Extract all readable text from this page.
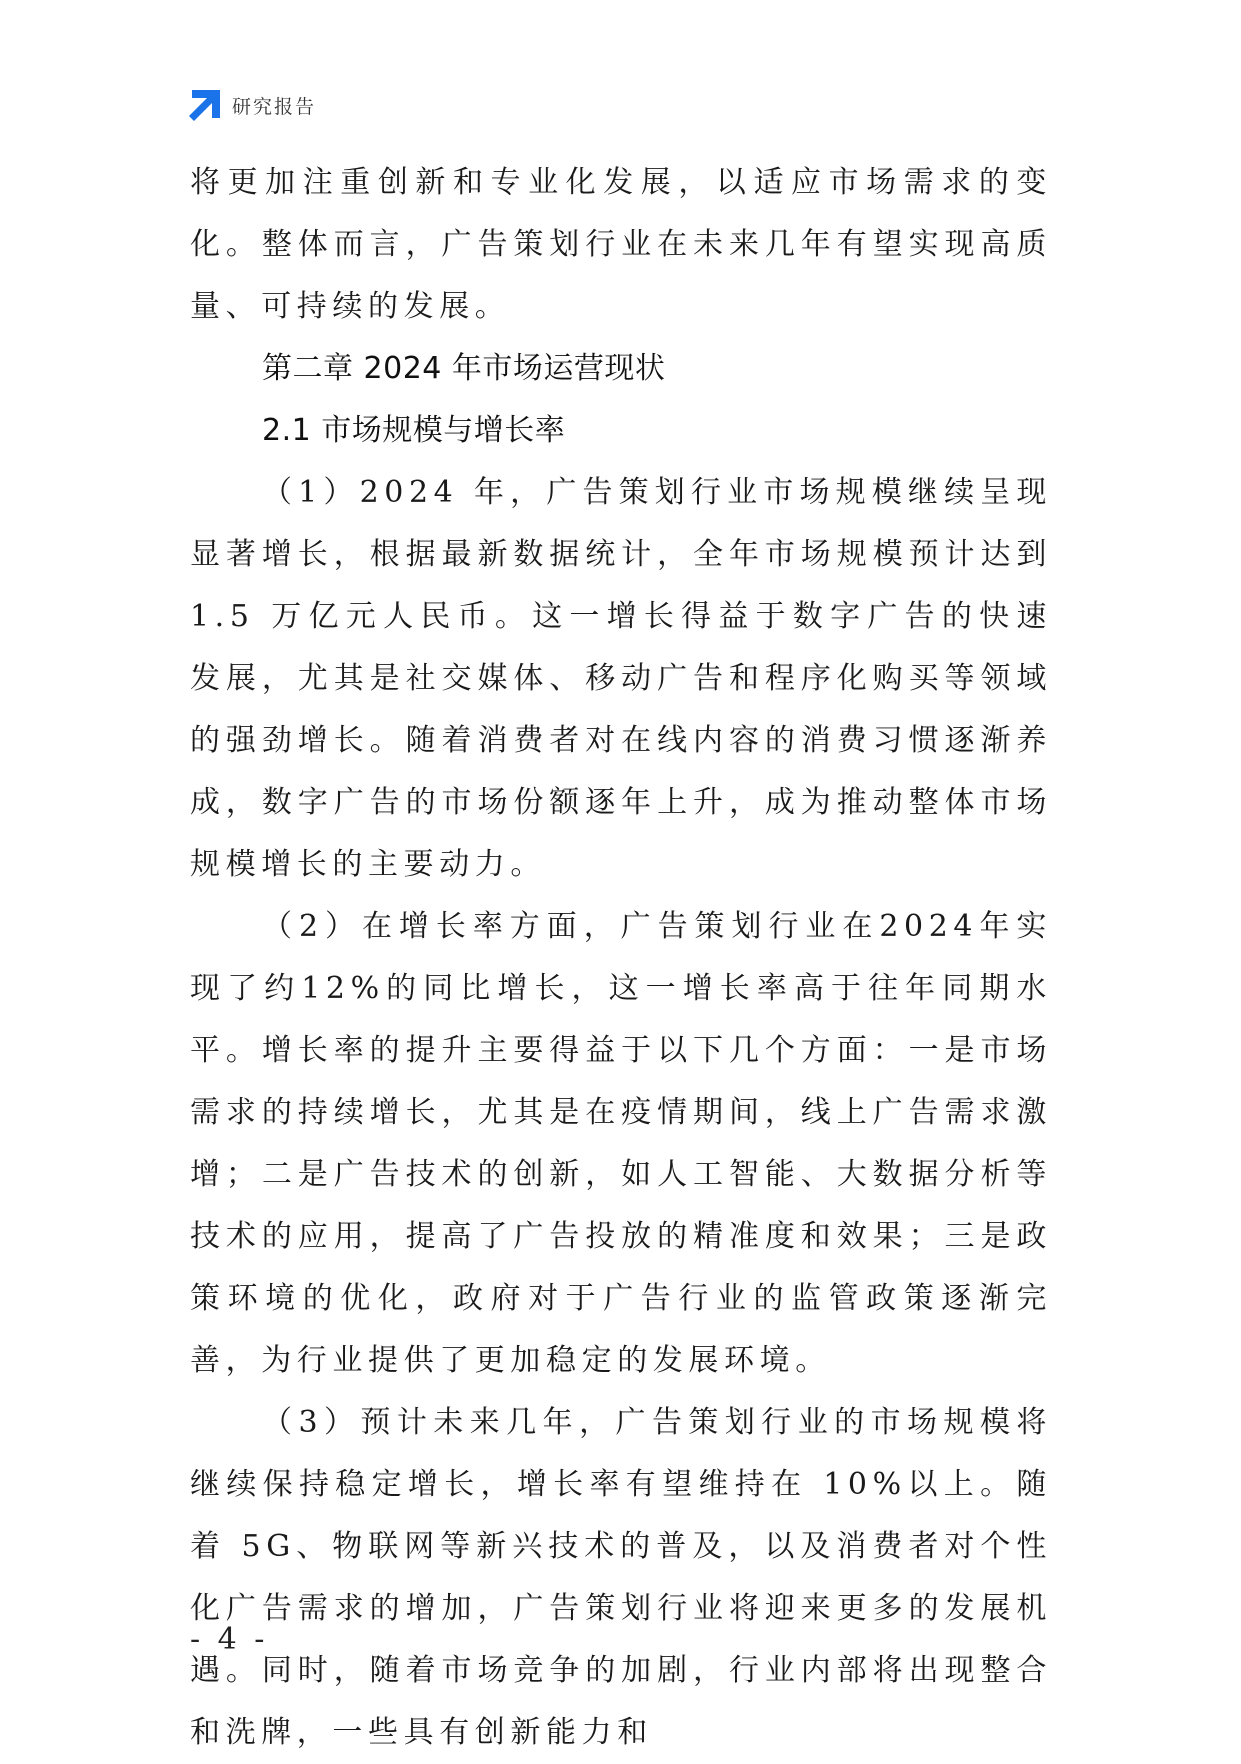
研究报告

将更加注重创新和专业化发展，以适应市场需求的变化。整体而言，广告策划行业在未来几年有望实现高质量、可持续的发展。

第二章 2024 年市场运营现状

2.1 市场规模与增长率

（1）2024 年，广告策划行业市场规模继续呈现显著增长，根据最新数据统计，全年市场规模预计达到 1.5 万亿元人民币。这一增长得益于数字广告的快速发展，尤其是社交媒体、移动广告和程序化购买等领域的强劲增长。随着消费者对在线内容的消费习惯逐渐养成，数字广告的市场份额逐年上升，成为推动整体市场规模增长的主要动力。

（2）在增长率方面，广告策划行业在2024年实现了约12%的同比增长，这一增长率高于往年同期水平。增长率的提升主要得益于以下几个方面：一是市场需求的持续增长，尤其是在疫情期间，线上广告需求激增；二是广告技术的创新，如人工智能、大数据分析等技术的应用，提高了广告投放的精准度和效果；三是政策环境的优化，政府对于广告行业的监管政策逐渐完善，为行业提供了更加稳定的发展环境。

（3）预计未来几年，广告策划行业的市场规模将继续保持稳定增长，增长率有望维持在 10%以上。随着 5G、物联网等新兴技术的普及，以及消费者对个性化广告需求的增加，广告策划行业将迎来更多的发展机遇。同时，随着市场竞争的加剧，行业内部将出现整合和洗牌，一些具有创新能力和

- 4 -
